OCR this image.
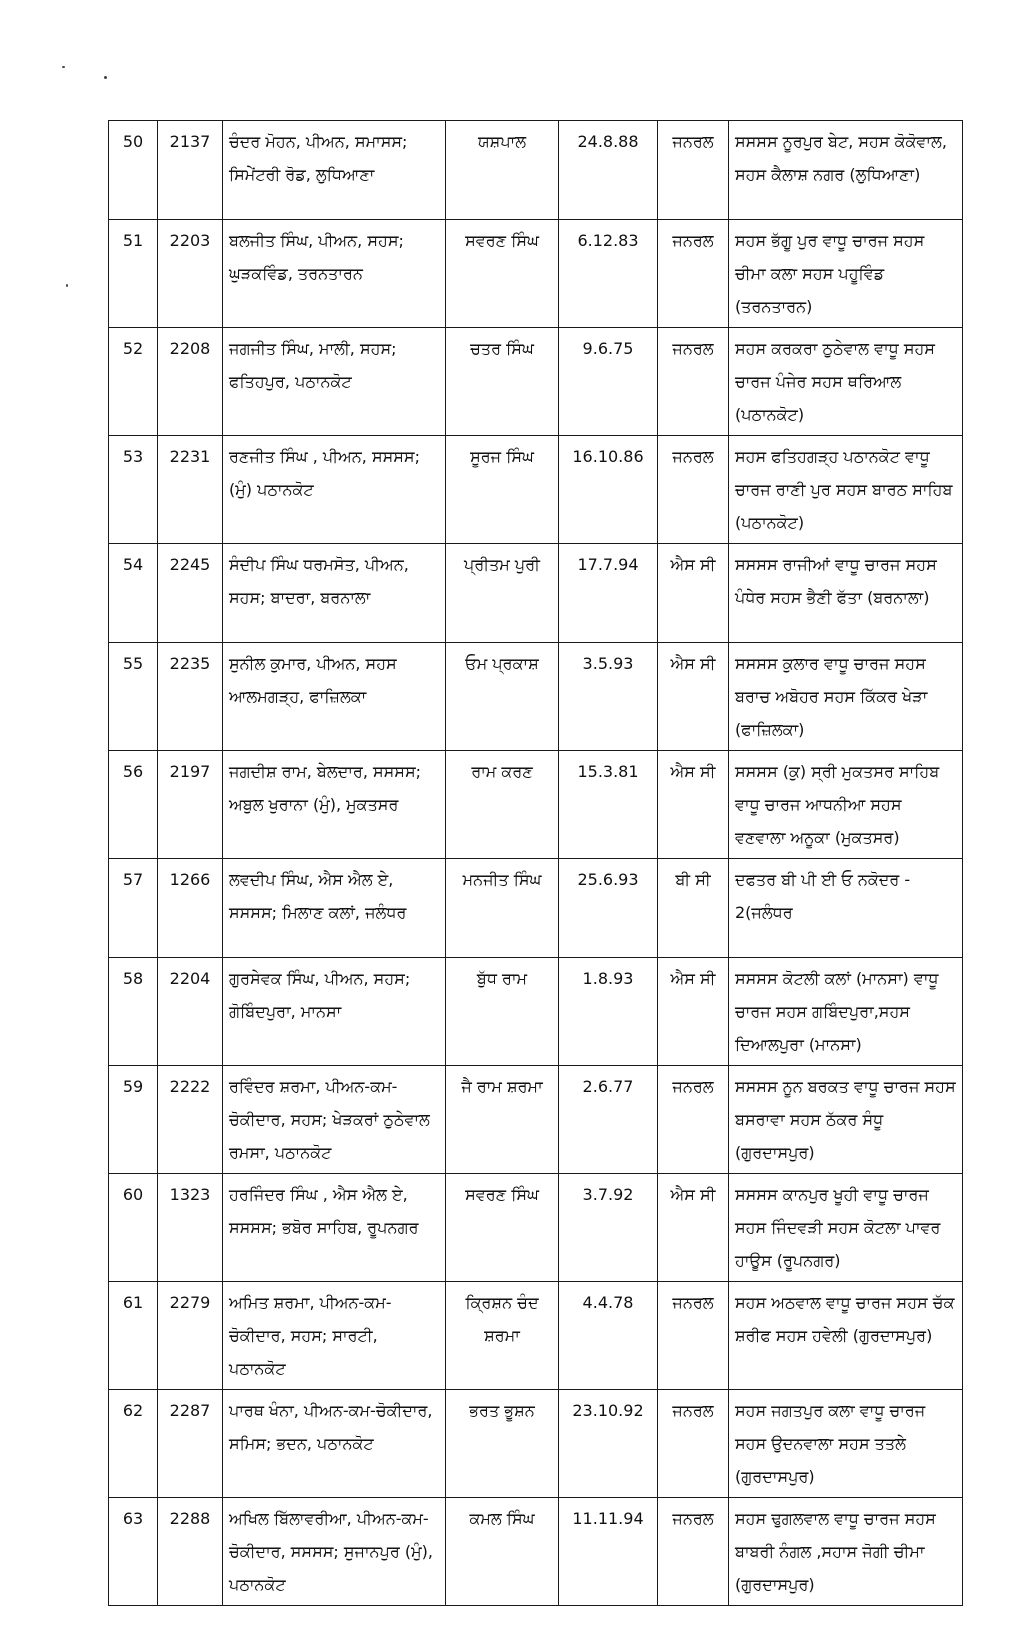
50	2137	ਚੰਦਰ ਮੋਹਨ, ਪੀਅਨ, ਸਮਾਸਸ; ਸਿਮੇਂਟਰੀ ਰੋਡ, ਲੁਧਿਆਣਾ	ਯਸ਼ਪਾਲ	24.8.88	ਜਨਰਲ	ਸਸਸਸ ਨੂਰਪੁਰ ਬੇਟ, ਸਹਸ ਕੋਕੋਵਾਲ, ਸਹਸ ਕੈਲਾਸ਼ ਨਗਰ (ਲੁਧਿਆਣਾ)
51	2203	ਬਲਜੀਤ ਸਿੰਘ, ਪੀਅਨ, ਸਹਸ; ਘੁੜਕਵਿੰਡ, ਤਰਨਤਾਰਨ	ਸਵਰਣ ਸਿੰਘ	6.12.83	ਜਨਰਲ	ਸਹਸ ਭੱਗੂ ਪੁਰ ਵਾਧੂ ਚਾਰਜ ਸਹਸ ਚੀਮਾ ਕਲਾ ਸਹਸ ਪਹੂਵਿੰਡ (ਤਰਨਤਾਰਨ)
52	2208	ਜਗਜੀਤ ਸਿੰਘ, ਮਾਲੀ, ਸਹਸ; ਫਤਿਹਪੁਰ, ਪਠਾਨਕੋਟ	ਚਤਰ ਸਿੰਘ	9.6.75	ਜਨਰਲ	ਸਹਸ ਕਰਕਰਾ ਠੁਠੇਵਾਲ ਵਾਧੂ ਸਹਸ ਚਾਰਜ ਪੰਜੇਰ ਸਹਸ ਥਰਿਆਲ (ਪਠਾਨਕੋਟ)
53	2231	ਰਣਜੀਤ ਸਿੰਘ , ਪੀਅਨ, ਸਸਸਸ; (ਮੁੰ) ਪਠਾਨਕੋਟ	ਸੂਰਜ ਸਿੰਘ	16.10.86	ਜਨਰਲ	ਸਹਸ ਫਤਿਹਗੜ੍ਹ ਪਠਾਨਕੋਟ ਵਾਧੂ ਚਾਰਜ ਰਾਣੀ ਪੁਰ ਸਹਸ ਬਾਰਠ ਸਾਹਿਬ (ਪਠਾਨਕੋਟ)
54	2245	ਸੰਦੀਪ ਸਿੰਘ ਧਰਮਸੋਤ, ਪੀਅਨ, ਸਹਸ; ਬਾਦਰਾ, ਬਰਨਾਲਾ	ਪ੍ਰੀਤਮ ਪੁਰੀ	17.7.94	ਐਸ ਸੀ	ਸਸਸਸ ਰਾਜੀਆਂ ਵਾਧੂ ਚਾਰਜ ਸਹਸ ਪੰਧੇਰ ਸਹਸ ਭੈਣੀ ਫੱਤਾ (ਬਰਨਾਲਾ)
55	2235	ਸੁਨੀਲ ਕੁਮਾਰ, ਪੀਅਨ, ਸਹਸ ਆਲਮਗੜ੍ਹ, ਫਾਜ਼ਿਲਕਾ	ਓਮ ਪ੍ਰਕਾਸ਼	3.5.93	ਐਸ ਸੀ	ਸਸਸਸ ਕੁਲਾਰ ਵਾਧੂ ਚਾਰਜ ਸਹਸ ਬਰਾਚ ਅਬੋਹਰ ਸਹਸ ਕਿੱਕਰ ਖੇੜਾ (ਫਾਜ਼ਿਲਕਾ)
56	2197	ਜਗਦੀਸ਼ ਰਾਮ, ਬੇਲਦਾਰ, ਸਸਸਸ; ਅਬੁਲ ਖੁਰਾਨਾ (ਮੁੰ), ਮੁਕਤਸਰ	ਰਾਮ ਕਰਣ	15.3.81	ਐਸ ਸੀ	ਸਸਸਸ (ਕੁ) ਸ੍ਰੀ ਮੁਕਤਸਰ ਸਾਹਿਬ ਵਾਧੂ ਚਾਰਜ ਆਧਨੀਆ ਸਹਸ ਵਣਵਾਲਾ ਅਨੂਕਾ (ਮੁਕਤਸਰ)
57	1266	ਲਵਦੀਪ ਸਿੰਘ, ਐਸ ਐਲ ਏ, ਸਸਸਸ; ਮਿਲਾਣ ਕਲਾਂ, ਜਲੰਧਰ	ਮਨਜੀਤ ਸਿੰਘ	25.6.93	ਬੀ ਸੀ	ਦਫਤਰ ਬੀ ਪੀ ਈ ਓ ਨਕੋਦਰ - 2(ਜਲੰਧਰ
58	2204	ਗੁਰਸੇਵਕ ਸਿੰਘ, ਪੀਅਨ, ਸਹਸ; ਗੋਬਿੰਦਪੁਰਾ, ਮਾਨਸਾ	ਬੁੱਧ ਰਾਮ	1.8.93	ਐਸ ਸੀ	ਸਸਸਸ ਕੋਟਲੀ ਕਲਾਂ (ਮਾਨਸਾ) ਵਾਧੂ ਚਾਰਜ ਸਹਸ ਗਬਿੰਦਪੁਰਾ,ਸਹਸ ਦਿਆਲਪੁਰਾ (ਮਾਨਸਾ)
59	2222	ਰਵਿੰਦਰ ਸ਼ਰਮਾ, ਪੀਅਨ-ਕਮ-ਚੋਕੀਦਾਰ, ਸਹਸ; ਖੇੜਕਰਾਂ ਠੁਠੇਵਾਲ ਰਮਸਾ, ਪਠਾਨਕੋਟ	ਜੈ ਰਾਮ ਸ਼ਰਮਾ	2.6.77	ਜਨਰਲ	ਸਸਸਸ ਨੂਨ ਬਰਕਤ ਵਾਧੂ ਚਾਰਜ ਸਹਸ ਬਸਰਾਵਾ ਸਹਸ ਠੱਕਰ ਸੰਧੂ (ਗੁਰਦਾਸਪੁਰ)
60	1323	ਹਰਜਿੰਦਰ ਸਿੰਘ , ਐਸ ਐਲ ਏ, ਸਸਸਸ; ਭਬੋਰ ਸਾਹਿਬ, ਰੂਪਨਗਰ	ਸਵਰਣ ਸਿੰਘ	3.7.92	ਐਸ ਸੀ	ਸਸਸਸ ਕਾਨਪੁਰ ਖੂਹੀ ਵਾਧੂ ਚਾਰਜ ਸਹਸ ਜਿੰਦਵੜੀ ਸਹਸ ਕੋਟਲਾ ਪਾਵਰ ਹਾਊਸ (ਰੂਪਨਗਰ)
61	2279	ਅਮਿਤ ਸ਼ਰਮਾ, ਪੀਅਨ-ਕਮ-ਚੋਕੀਦਾਰ, ਸਹਸ; ਸਾਰਟੀ, ਪਠਾਨਕੋਟ	ਕ੍ਰਿਸ਼ਨ ਚੰਦ ਸ਼ਰਮਾ	4.4.78	ਜਨਰਲ	ਸਹਸ ਅਠਵਾਲ ਵਾਧੂ ਚਾਰਜ ਸਹਸ ਚੱਕ ਸ਼ਰੀਫ ਸਹਸ ਹਵੇਲੀ (ਗੁਰਦਾਸਪੁਰ)
62	2287	ਪਾਰਥ ਖੰਨਾ, ਪੀਅਨ-ਕਮ-ਚੋਕੀਦਾਰ, ਸਮਿਸ; ਭਦਨ, ਪਠਾਨਕੋਟ	ਭਰਤ ਭੂਸ਼ਨ	23.10.92	ਜਨਰਲ	ਸਹਸ ਜਗਤਪੁਰ ਕਲਾ ਵਾਧੂ ਚਾਰਜ ਸਹਸ ਉਦਨਵਾਲਾ ਸਹਸ ਤਤਲੇ (ਗੁਰਦਾਸਪੁਰ)
63	2288	ਅਖਿਲ ਬਿੱਲਾਵਰੀਆ, ਪੀਅਨ-ਕਮ- ਚੋਕੀਦਾਰ, ਸਸਸਸ; ਸੁਜਾਨਪੁਰ (ਮੁੰ), ਪਠਾਨਕੋਟ	ਕਮਲ ਸਿੰਘ	11.11.94	ਜਨਰਲ	ਸਹਸ ਢੁਗਲਵਾਲ ਵਾਧੂ ਚਾਰਜ ਸਹਸ ਬਾਬਰੀ ਨੰਗਲ ,ਸਹਾਸ ਜੋਗੀ ਚੀਮਾ (ਗੁਰਦਾਸਪੁਰ)
